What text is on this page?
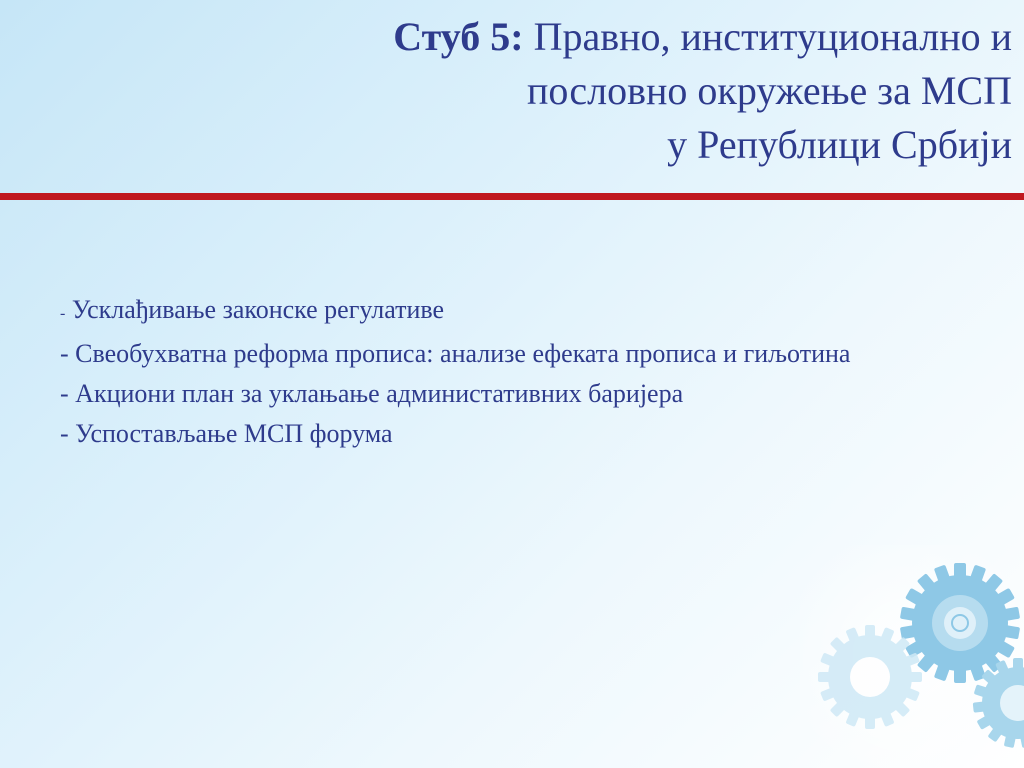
Стуб 5: Правно, институционално и
пословно окружење за МСП
у Републици Србији
- Усклађивање законске регулативе
- Свеобухватна реформа прописа: анализе ефеката прописа и гиљотина
- Акциони план за уклањање администативних баријера
- Успостављање МСП форума
